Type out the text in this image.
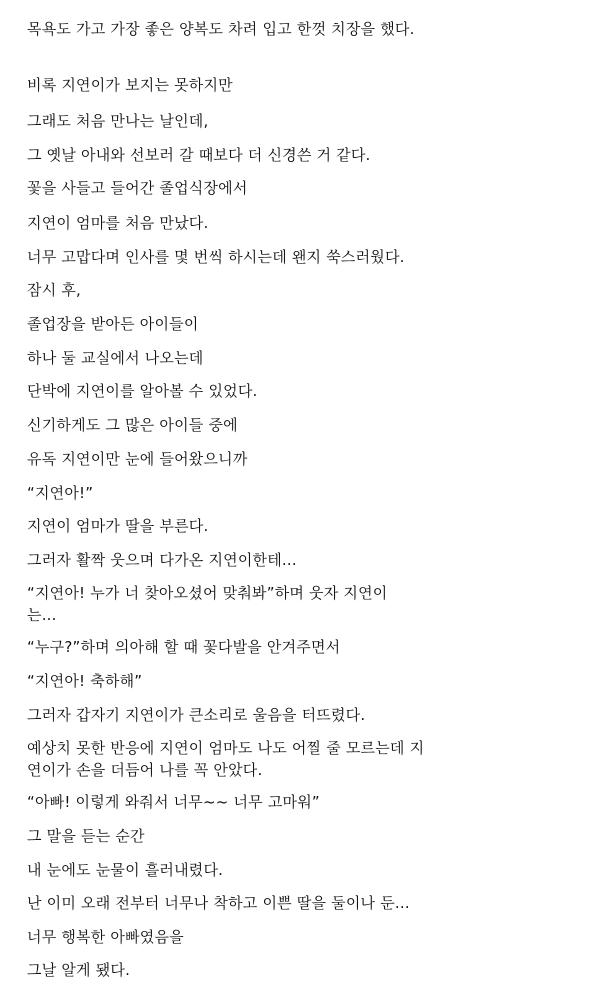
목욕도 가고 가장 좋은 양복도 차려 입고 한껏 치장을 했다.
비록 지연이가 보지는 못하지만
그래도 처음 만나는 날인데,
그 옛날 아내와 선보러 갈 때보다 더 신경쓴 거 같다.
꽃을 사들고 들어간 졸업식장에서
지연이 엄마를 처음 만났다.
너무 고맙다며 인사를 몇 번씩 하시는데 왠지 쑥스러웠다.
잠시 후,
졸업장을 받아든 아이들이
하나 둘 교실에서 나오는데
단박에 지연이를 알아볼 수 있었다.
신기하게도 그 많은 아이들 중에
유독 지연이만 눈에 들어왔으니까
“지연아!”
지연이 엄마가 딸을 부른다.
그러자 활짝 웃으며 다가온 지연이한테...
“지연아! 누가 너 찾아오셨어 맞춰봐”하며 웃자 지연이는...
“누구?”하며 의아해 할 때 꽃다발을 안겨주면서
“지연아! 축하해”
그러자 갑자기 지연이가 큰소리로 울음을 터뜨렸다.
예상치 못한 반응에 지연이 엄마도 나도 어찔 줄 모르는데 지연이가 손을 더듬어 나를 꼭 안았다.
“아빠! 이렇게 와줘서 너무~~ 너무 고마워”
그 말을 듣는 순간
내 눈에도 눈물이 흘러내렸다.
난 이미 오래 전부터 너무나 착하고 이쁜 딸을 둘이나 둔...
너무 행복한 아빠였음을
그날 알게 됐다.
